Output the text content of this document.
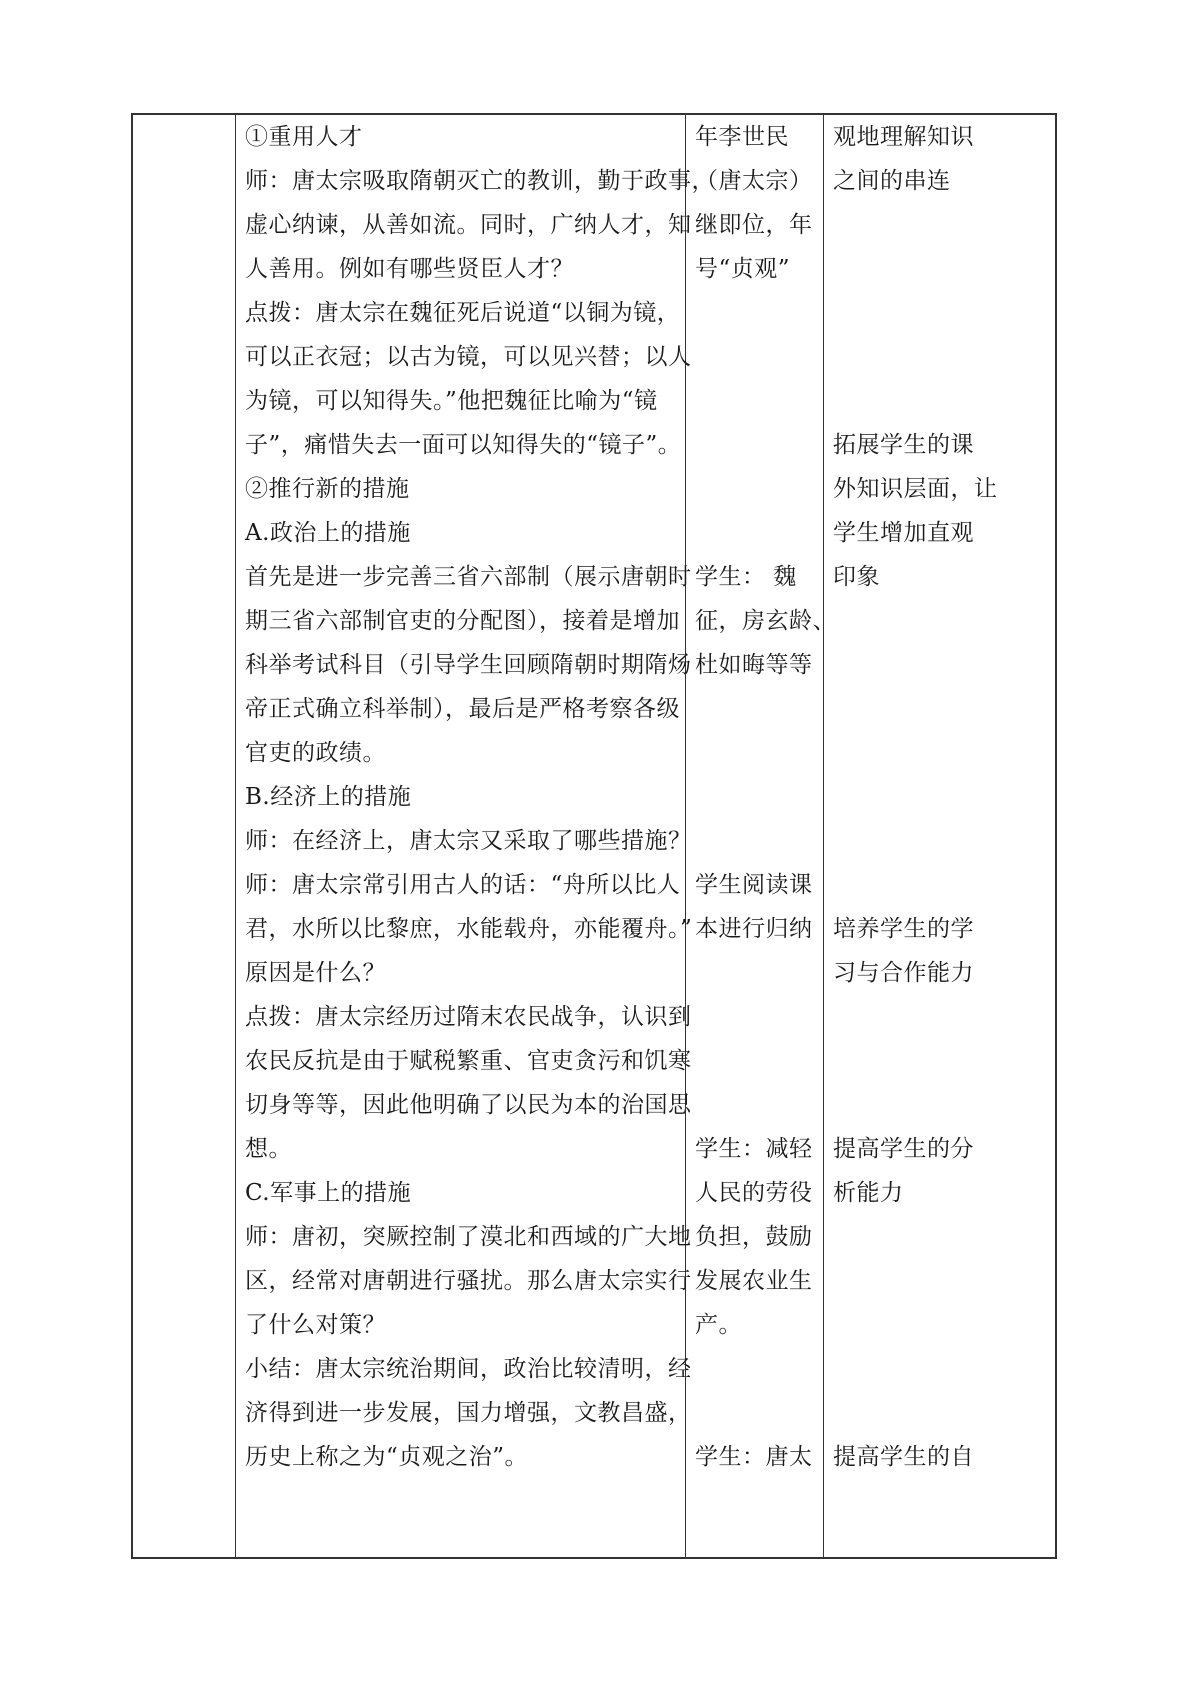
①重用人才
师：唐太宗吸取隋朝灭亡的教训，勤于政事，
虚心纳谏，从善如流。同时，广纳人才，知
人善用。例如有哪些贤臣人才？
点拨：唐太宗在魏征死后说道“以铜为镜，
可以正衣冠；以古为镜，可以见兴替；以人
为镜，可以知得失。”他把魏征比喻为“镜
子”，痛惜失去一面可以知得失的“镜子”。
②推行新的措施
A.政治上的措施
首先是进一步完善三省六部制（展示唐朝时
期三省六部制官吏的分配图），接着是增加
科举考试科目（引导学生回顾隋朝时期隋炀
帝正式确立科举制），最后是严格考察各级
官吏的政绩。
B.经济上的措施
师：在经济上，唐太宗又采取了哪些措施？
师：唐太宗常引用古人的话：“舟所以比人
君，水所以比黎庶，水能载舟，亦能覆舟。”
原因是什么？
点拨：唐太宗经历过隋末农民战争，认识到
农民反抗是由于赋税繁重、官吏贪污和饥寒
切身等等，因此他明确了以民为本的治国思
想。
C.军事上的措施
师：唐初，突厥控制了漠北和西域的广大地
区，经常对唐朝进行骚扰。那么唐太宗实行
了什么对策？
小结：唐太宗统治期间，政治比较清明，经
济得到进一步发展，国力增强，文教昌盛，
历史上称之为“贞观之治”。
年李世民
（唐太宗）
继即位，年
号“贞观”
学生： 魏
征，房玄龄、
杜如晦等等
学生阅读课
本进行归纳
学生：减轻
人民的劳役
负担，鼓励
发展农业生
产。
学生：唐太
观地理解知识
之间的串连
拓展学生的课
外知识层面，让
学生增加直观
印象
培养学生的学
习与合作能力
提高学生的分
析能力
提高学生的自
